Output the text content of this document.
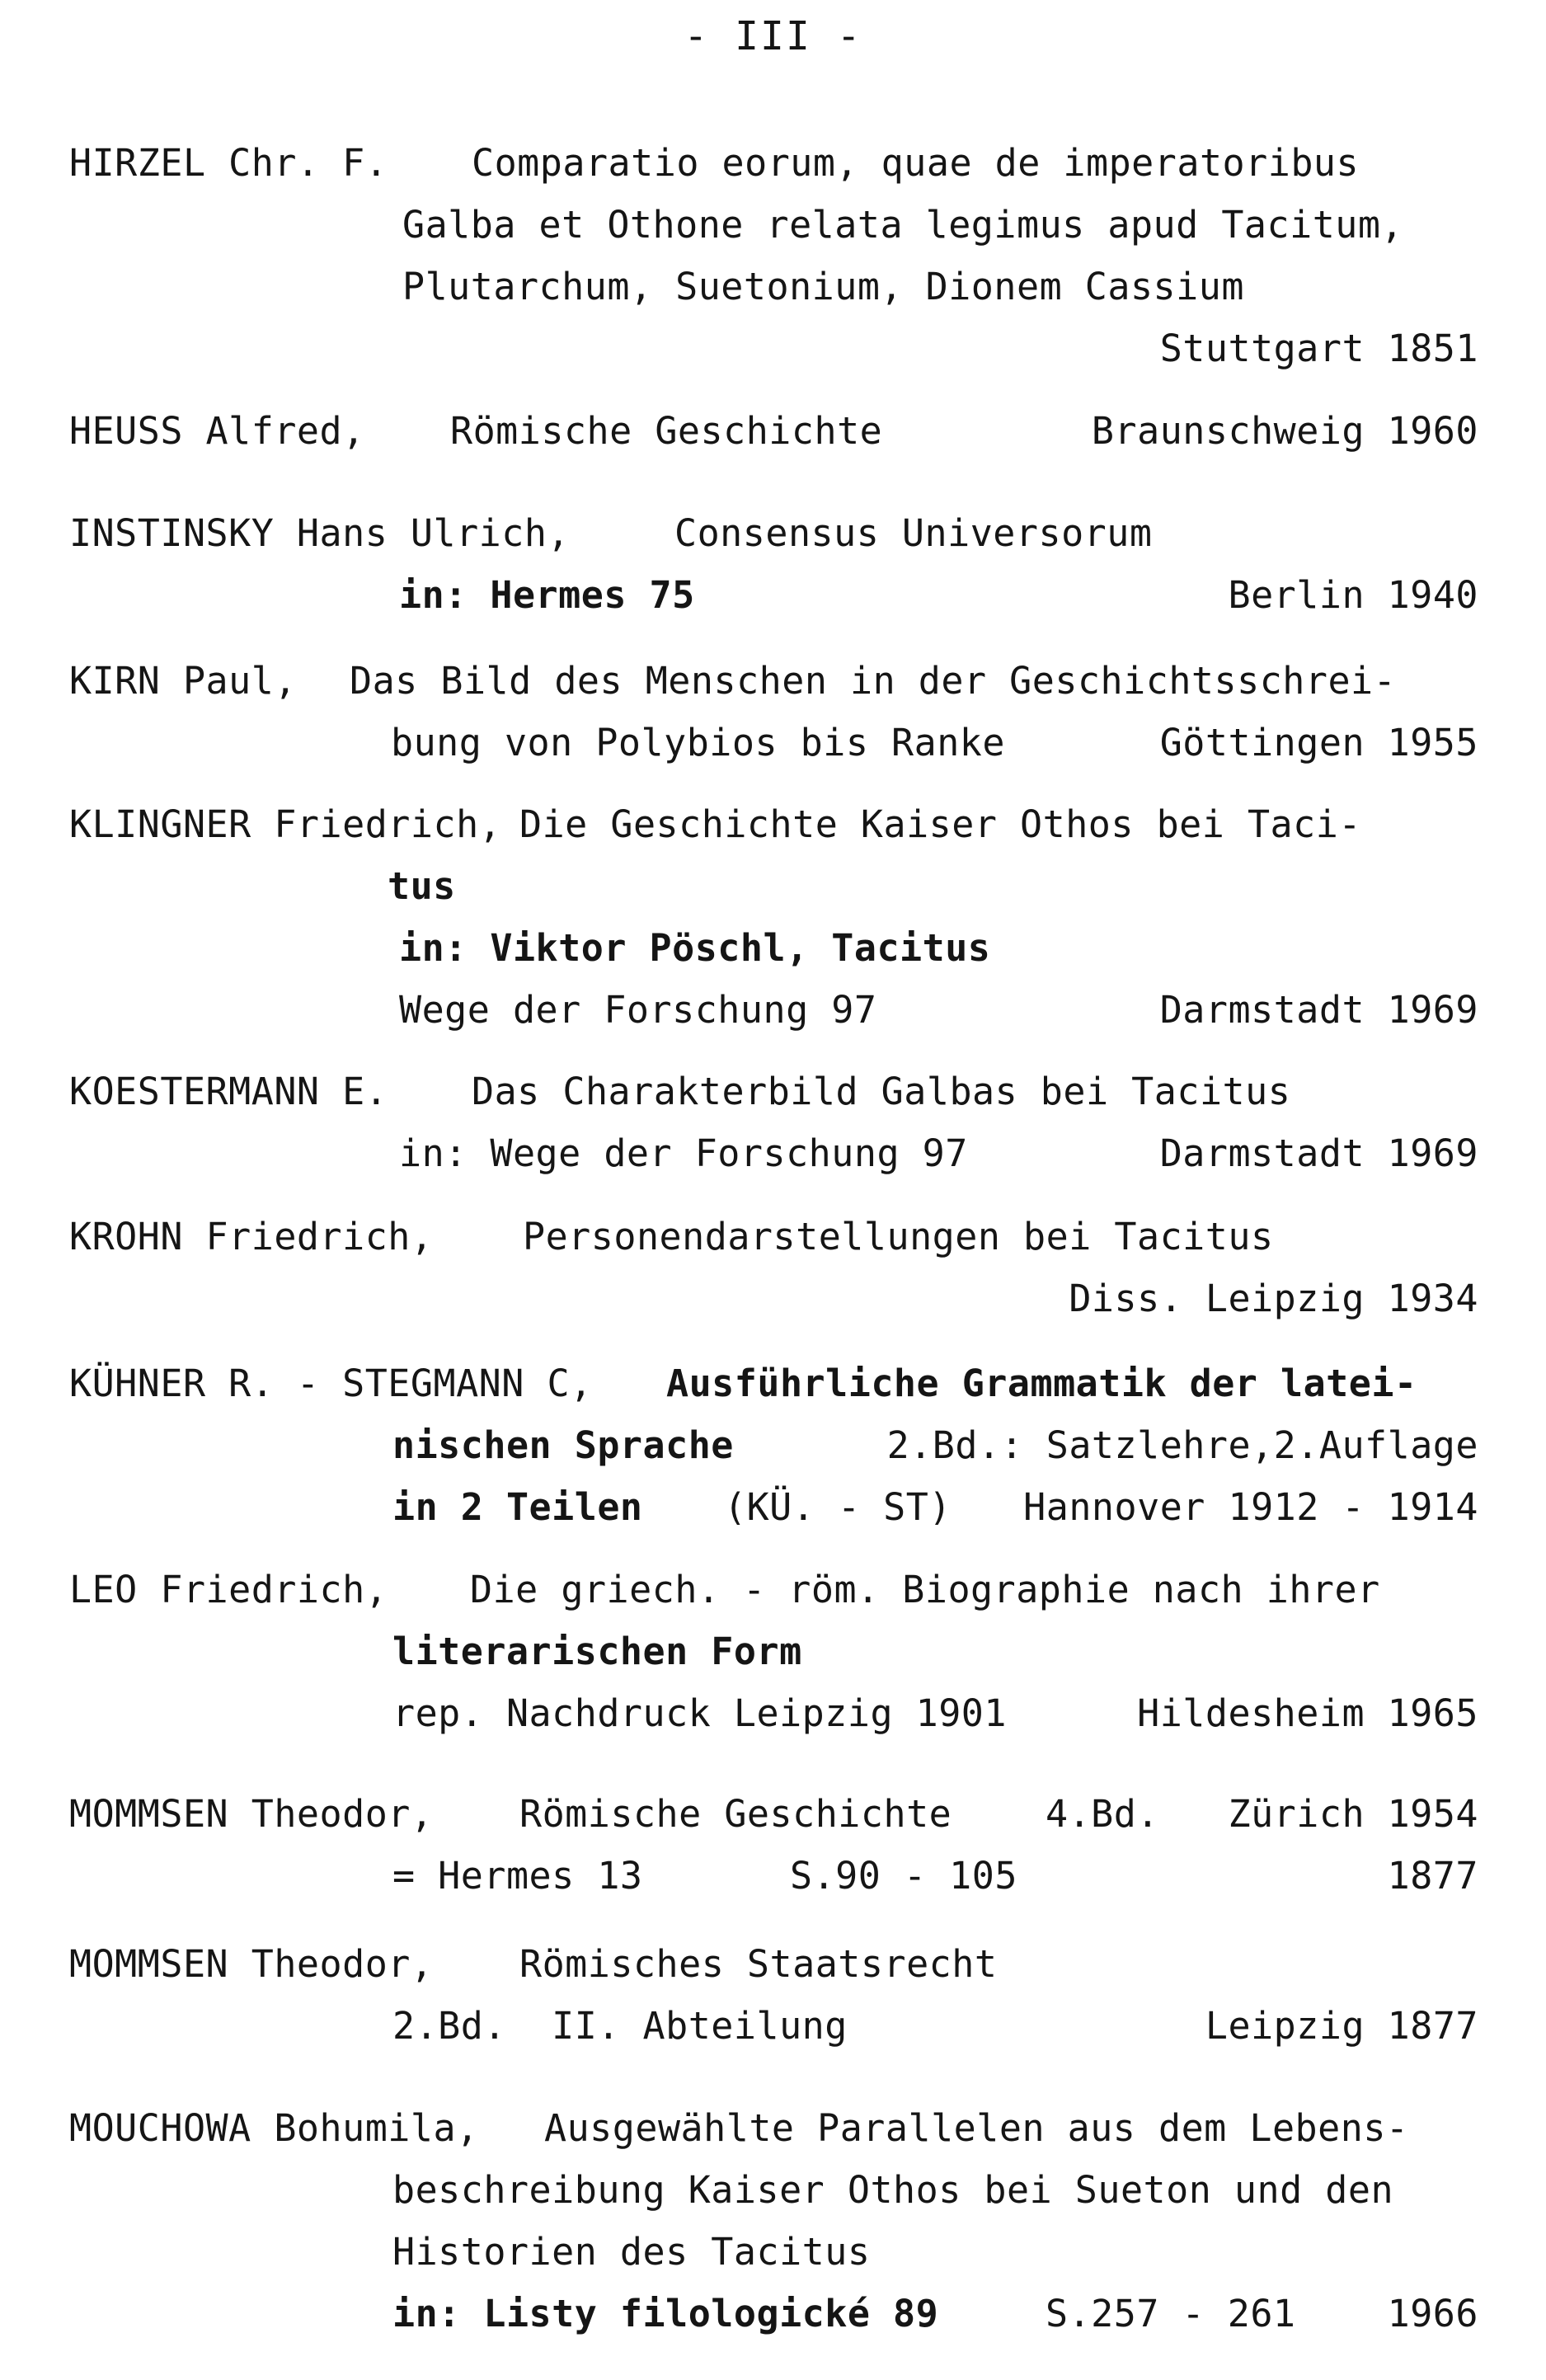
- III -
HIRZEL Chr. F. Comparatio eorum, quae de imperatoribus
Galba et Othone relata legimus apud Tacitum,
Plutarchum, Suetonium, Dionem Cassium
Stuttgart 1851
HEUSS Alfred, Römische Geschichte	Braunschweig 1960
INSTINSKY Hans Ulrich,	Consensus Universorum
in: Hermes 75	Berlin 1940
KIRN Paul, Das Bild des Menschen in der Geschichtsschrei-
bung von Polybios bis Ranke	Göttingen 1955
KLINGNER Friedrich, Die Geschichte Kaiser Othos bei Taci-
tus
in: Viktor Pöschl, Tacitus
Wege der Forschung 97	Darmstadt 1969
KOESTERMANN E. Das Charakterbild Galbas bei Tacitus
in: Wege der Forschung 97	Darmstadt 1969
KROHN Friedrich, Personendarstellungen bei Tacitus
Diss. Leipzig 1934
KÜHNER R. - STEGMANN C, Ausführliche Grammatik der latei-
nischen Sprache	2.Bd.: Satzlehre,2.Auflage
in 2 Teilen (KÜ. - ST) Hannover 1912 - 1914
LEO Friedrich, Die griech. - röm. Biographie nach ihrer
literarischen Form
rep. Nachdruck Leipzig 1901	Hildesheim 1965
MOMMSEN Theodor, Römische Geschichte	4.Bd. Zürich 1954
= Hermes 13	S.90 - 105	1877
MOMMSEN Theodor, Römisches Staatsrecht
2.Bd.  II. Abteilung	Leipzig 1877
MOUCHOWA Bohumila, Ausgewählte Parallelen aus dem Lebens-
beschreibung Kaiser Othos bei Sueton und den
Historien des Tacitus
in: Listy filologické 89	S.257 - 261 1966
